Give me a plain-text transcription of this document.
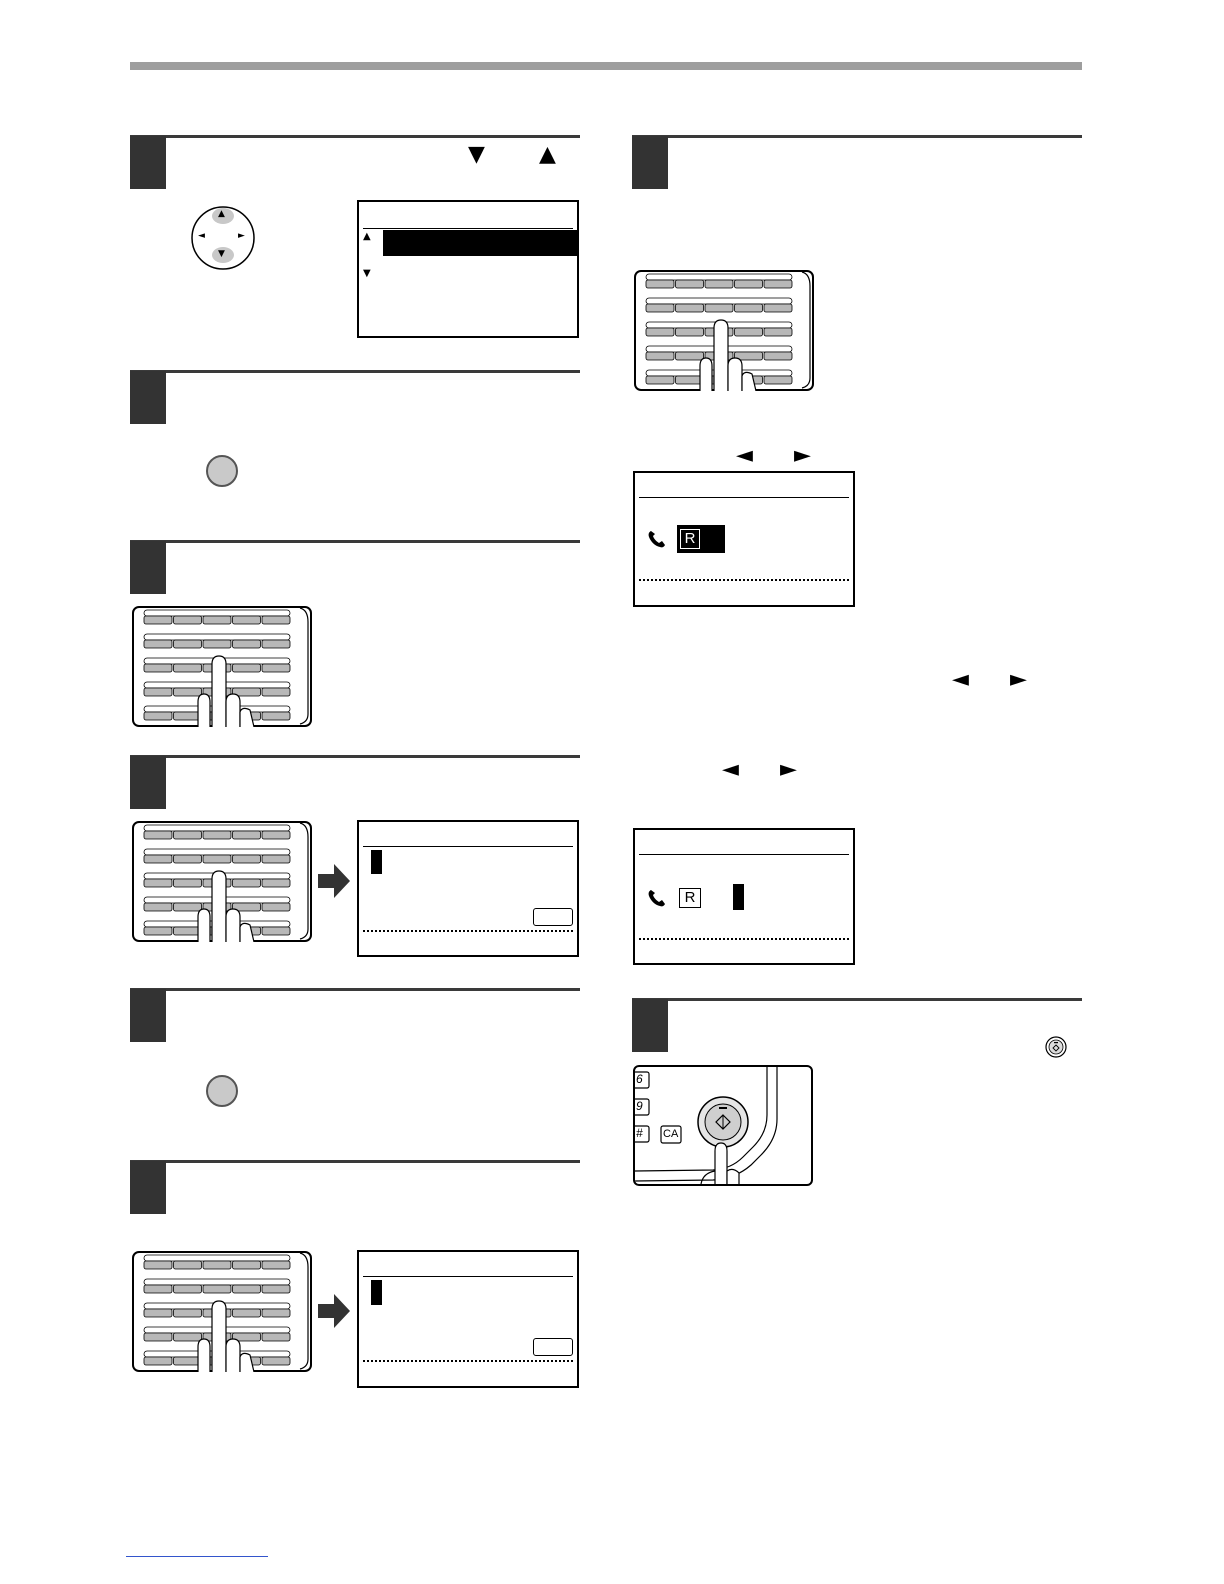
▼ ▲
▲
▼
◄	►	▲
▼
◄ ►
R
◄ ►
◄ ►
R
6
9
# CA
